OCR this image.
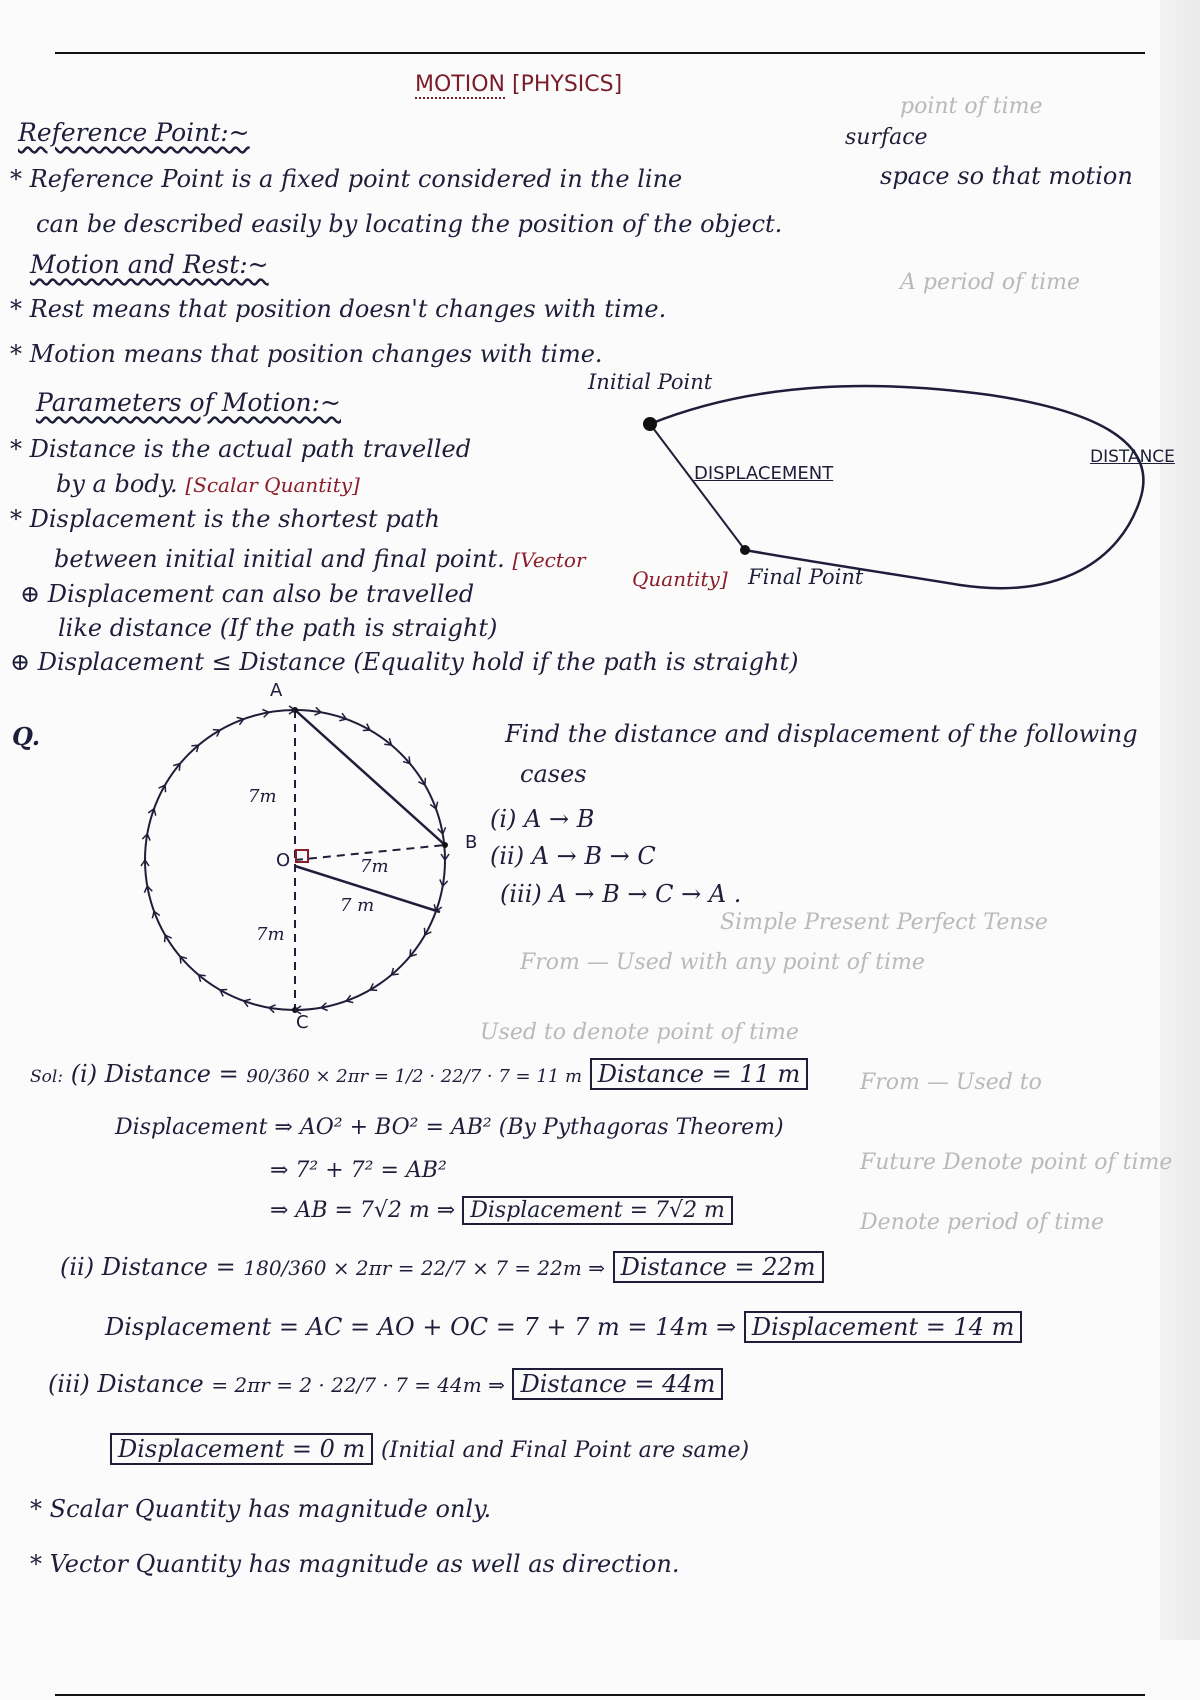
point of time
A period of time
Simple Present Perfect Tense
From — Used with any point of time
Used to denote point of time
From — Used to
Future Denote point of time
Denote period of time
MOTION [PHYSICS]
Reference Point:~	surface
* Reference Point is a fixed point considered in the line	space so that motion
can be described easily by locating the position of the object.
Motion and Rest:~
* Rest means that position doesn't changes with time.
* Motion means that position changes with time.
Parameters of Motion:~
* Distance is the actual path travelled
by a body. [Scalar Quantity]
* Displacement is the shortest path
between initial initial and final point. [Vector
Quantity]
⊕ Displacement can also be travelled
like distance (If the path is straight)
⊕ Displacement ≤ Distance (Equality hold if the path is straight)
Initial Point
Final Point
DISPLACEMENT
DISTANCE
Q.	Find the distance and displacement of the following
cases
(i) A → B
(ii) A → B → C
(iii) A → B → C → A .
A
B
C
O
7m
7m
7 m
7m
Sol: (i) Distance = 90/360 × 2πr = 1/2 · 22/7 · 7 = 11 m Distance = 11 m
Displacement ⇒ AO² + BO² = AB² (By Pythagoras Theorem)
⇒ 7² + 7² = AB²
⇒ AB = 7√2 m ⇒ Displacement = 7√2 m
(ii) Distance = 180/360 × 2πr = 22/7 × 7 = 22m ⇒ Distance = 22m
Displacement = AC = AO + OC = 7 + 7 m = 14m ⇒ Displacement = 14 m
(iii) Distance = 2πr = 2 · 22/7 · 7 = 44m ⇒ Distance = 44m
Displacement = 0 m (Initial and Final Point are same)
* Scalar Quantity has magnitude only.
* Vector Quantity has magnitude as well as direction.
